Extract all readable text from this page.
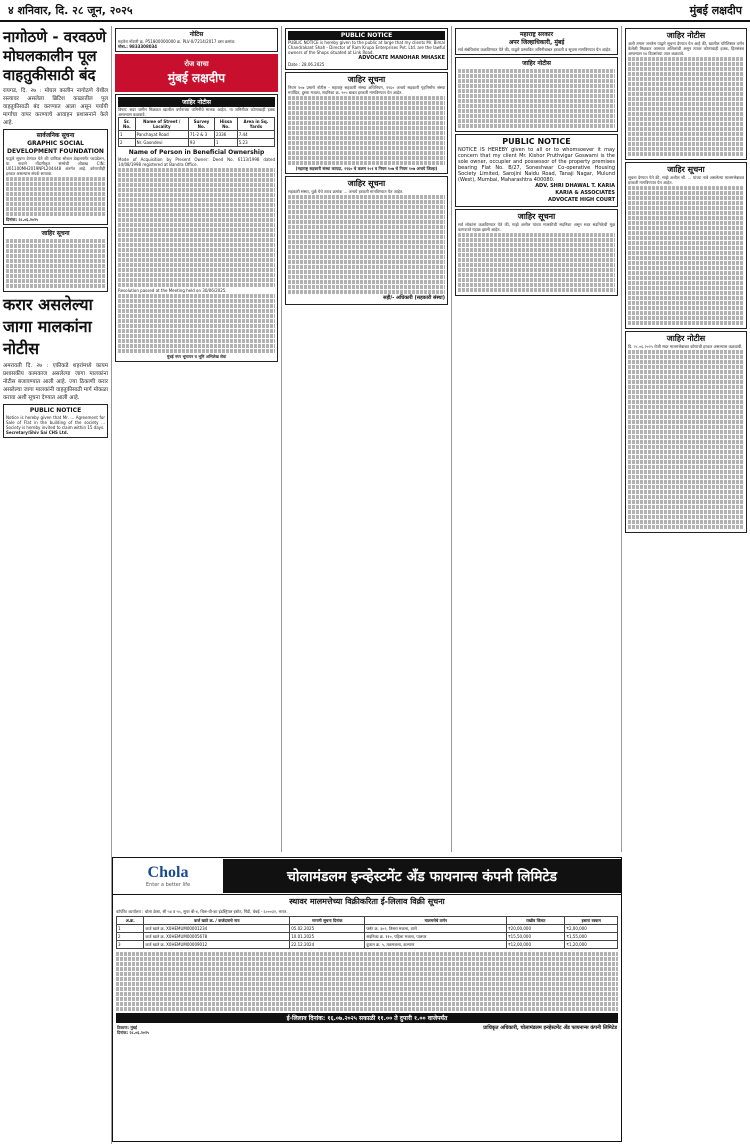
४ शनिवार, दि. २८ जून, २०२५	मुंबई लक्षदीप
नागोठणे - वरवठणे मोघलकालीन पूल वाहतुकीसाठी बंद
रायगड, दि. २७ : मोघल कालीन नागोठणे येथील रस्त्यावर असलेला ब्रिटिश काळातील पूल वाहतुकीसाठी बंद करण्यात आला असून पर्यायी मार्गाचा वापर करण्याचे आवाहन प्रशासनाने केले आहे.
सार्वजनिक सूचना
GRAPHIC SOCIAL DEVELOPMENT FOUNDATION
याद्वारे सूचना देण्यात येते की ग्राफिक सोशल डेव्हलपमेंट फाउंडेशन, या नावाने नोंदणीकृत संस्थेची ओळख CIN: U01100MH2019NPL204448 अंतर्गत आहे. कोणाचीही हरकत असल्यास संपर्क साधावा.
दिनांक: २८.०६.२०२५
जाहिर सूचना
करार असलेल्या जागा मालकांना नोटीस
अमरावती दि. २७ : एकीकडे शहरांमध्ये कायम प्रशासकीय कामकाज असलेल्या जागा मालकांना नोटीस बजावण्यात आली आहे. ज्या ठिकाणी करार असलेल्या जागा मालकांनी वाहतुकीसाठी मार्ग मोकळा करावा अशी सूचना देण्यात आली आहे.
PUBLIC NOTICE
Notice is hereby given that Mr. ... Agreement for Sale of Flat in the building of the society ... Society is hereby invited to claim within 15 days.
Secretary/Shiv Sai CHS Ltd.
नोटिस
महारेरा नोंदणी क्र. P51800000000 क्र. PLV-0/7214/2017 दस्त क्रमांक
मोबा.: 9833308034
रोज वाचा
मुंबई लक्षदीप
जाहिर नोटीस
विषय: सदर जमीन मिळकत खालील वर्णनाच्या जमिनीचे मालक आहेत. या जमिनीवर कोणाचाही हक्क असल्यास कळवावे.
Sr. No.	Name of Street / Locality	Survey No.	Hissa No.	Area in Sq. Yards
1	Panchayat Road	71-2 & 3	2336	7.44
2	Nr. Gaondevi	93	1	5.23
Name of Person in Beneficial Ownership
Mode of Acquisition by Present Owner: Deed No. 6113/1998 dated 14/08/1998 registered at Bandra Office.
Resolution passed at the Meeting held on 30/06/2025.
मुंबई नगर भूमापन व भूमि अभिलेख सेवा
PUBLIC NOTICE
PUBLIC NOTICE is hereby given to the public at large that my clients Mr. Bimal Chandrakant Shah - Director of Ram Krupa Enterprises Pvt. Ltd. are the lawful owners of the Shops situated at Link Road.
ADVOCATE MANOHAR MHASKE
Date : 28.06.2025
जाहिर सूचना
नियम १०७ प्रमाणे नोटीस - महाराष्ट्र सहकारी संस्था अधिनियम, १९६० अन्वये सहकारी गृहनिर्माण संस्था मर्यादित, दुसरा मजला, सदनिका क्र. २०५ बाबत हरकती मागविण्यात येत आहेत.
(महाराष्ट्र सहकारी संस्था कायदा, १९६० चे कलम १०१ व नियम १०७ चे नियम १०७ अन्वये जिल्हा)
जाहिर सूचना
सहकारी संस्था, धुळे येथे ठराव क्रमांक ... अन्वये हरकती मागविण्यात येत आहेत.
सही/- अधिकारी (सहकारी संस्था)
महाराष्ट्र सरकार
अपर जिल्हाधिकारी, मुंबई
सर्व संबंधितांना कळविण्यात येते की, याद्वारे प्रस्तावित जमिनीबाबत हरकती व सूचना मागविण्यात येत आहेत.
जाहिर नोटीस
PUBLIC NOTICE
NOTICE IS HEREBY given to all or to whomsoever it may concern that my client Mr. Kishor Pruthvigar Goswami is the sole owner, occupier and possessor of the property premises bearing Flat No. B/27, Soneshwar Co-operative Housing Society Limited, Sarojini Naidu Road, Tanaji Nagar, Mulund (West), Mumbai, Maharashtra 400080.
ADV. SHRI DHAWAL T. KARIA
KARIA & ASSOCIATES
ADVOCATE HIGH COURT
जाहिर सूचना
सर्व लोकांना कळविण्यात येते की, माझे अशील यांच्या मालकीची सदनिका असून सदर सदनिकेची मूळ कागदपत्रे गहाळ झाली आहेत.
जाहिर नोटीस
अशी तमाम जनतेस याद्वारे सूचना देण्यात येत आहे की, खालील परिशिष्टात वर्णन केलेली मिळकत आमच्या अशिलांची असून त्यावर कोणाचाही हक्क, हितसंबंध असल्यास १४ दिवसांच्या आत कळवावे.
जाहिर सूचना
सूचना देण्यात येते की, माझे अशील श्री. ... यांच्या नावे असलेल्या मालमत्तेबाबत हरकती मागविण्यात येत आहेत.
जाहिर नोटीस
दि. २८.०६.२०२५ रोजी सदर मालमत्तेबाबत कोणाची हरकत असल्यास कळवावी.
Chola
Enter a better life
चोलामंडलम इन्व्हेस्टमेंट अँड फायनान्स कंपनी लिमिटेड
स्थावर मालमत्तेच्या विक्रीकरिता ई-लिलाव विक्री सूचना
कॉर्पोरेट कार्यालय : चोला क्रेस्ट, सी ५४ व ५५, सुपर बी-४, थिरू-वी-का इंडस्ट्रियल इस्टेट, गिंडी, चेन्नई - ६०००३२, भारत.
अ.क्र.	कर्ज खाते क्र. / कर्जदाराचे नाव	मागणी सूचना दिनांक	मालमत्तेचे वर्णन	राखीव किंमत	इसारा रक्कम
1	कर्ज खाते क्र. X0HEMUM00001234	05.02.2025	फ्लॅट क्र. ३०२, तिसरा मजला, ठाणे	₹20,00,000	₹2,00,000
2	कर्ज खाते क्र. X0HEMUM00005678	10.01.2025	सदनिका क्र. ११०, पहिला मजला, पालघर	₹15,50,000	₹1,55,000
3	कर्ज खाते क्र. X0HEMUM00009012	22.12.2024	दुकान क्र. ५, तळमजला, कल्याण	₹12,00,000	₹1,20,000
ई-लिलाव दिनांक: १६.०७.२०२५ सकाळी ११.०० ते दुपारी १.०० वाजेपर्यंत
ठिकाण: मुंबई
दिनांक: २८.०६.२०२५
प्राधिकृत अधिकारी, चोलामंडलम इन्व्हेस्टमेंट अँड फायनान्स कंपनी लिमिटेड
